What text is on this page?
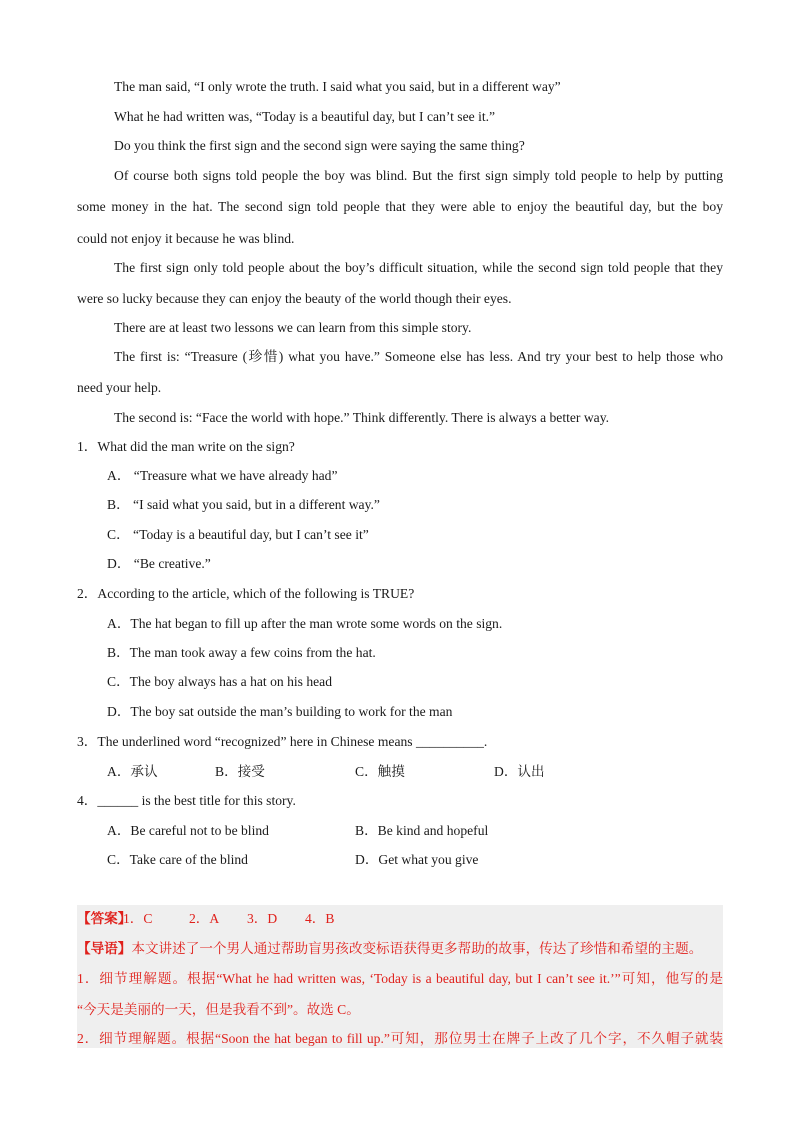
The man said, “I only wrote the truth. I said what you said, but in a different way”
What he had written was, “Today is a beautiful day, but I can’t see it.”
Do you think the first sign and the second sign were saying the same thing?
Of course both signs told people the boy was blind. But the first sign simply told people to help by putting
some money in the hat. The second sign told people that they were able to enjoy the beautiful day, but the boy
could not enjoy it because he was blind.
The first sign only told people about the boy’s difficult situation, while the second sign told people that they
were so lucky because they can enjoy the beauty of the world though their eyes.
There are at least two lessons we can learn from this simple story.
The first is: “Treasure (珍惜) what you have.” Someone else has less. And try your best to help those who
need your help.
The second is: “Face the world with hope.” Think differently. There is always a better way.
1．What did the man write on the sign?
A． “Treasure what we have already had”
B． “I said what you said, but in a different way.”
C． “Today is a beautiful day, but I can’t see it”
D． “Be creative.”
2．According to the article, which of the following is TRUE?
A．The hat began to fill up after the man wrote some words on the sign.
B．The man took away a few coins from the hat.
C．The boy always has a hat on his head
D．The boy sat outside the man’s building to work for the man
3．The underlined word “recognized” here in Chinese means __________.
A．承认	B．接受	C．触摸	D．认出
4．______ is the best title for this story.
A．Be careful not to be blind	B．Be kind and hopeful
C．Take care of the blind	D．Get what you give
【答案】
1．C	2．A 3．D 4．B
【导语】本文讲述了一个男人通过帮助盲男孩改变标语获得更多帮助的故事，传达了珍惜和希望的主题。
1．细节理解题。根据“What he had written was, ‘Today is a beautiful day, but I can’t see it.’”可知，他写的是
“今天是美丽的一天，但是我看不到”。故选 C。
2．细节理解题。根据“Soon the hat began to fill up.”可知，那位男士在牌子上改了几个字，不久帽子就装
